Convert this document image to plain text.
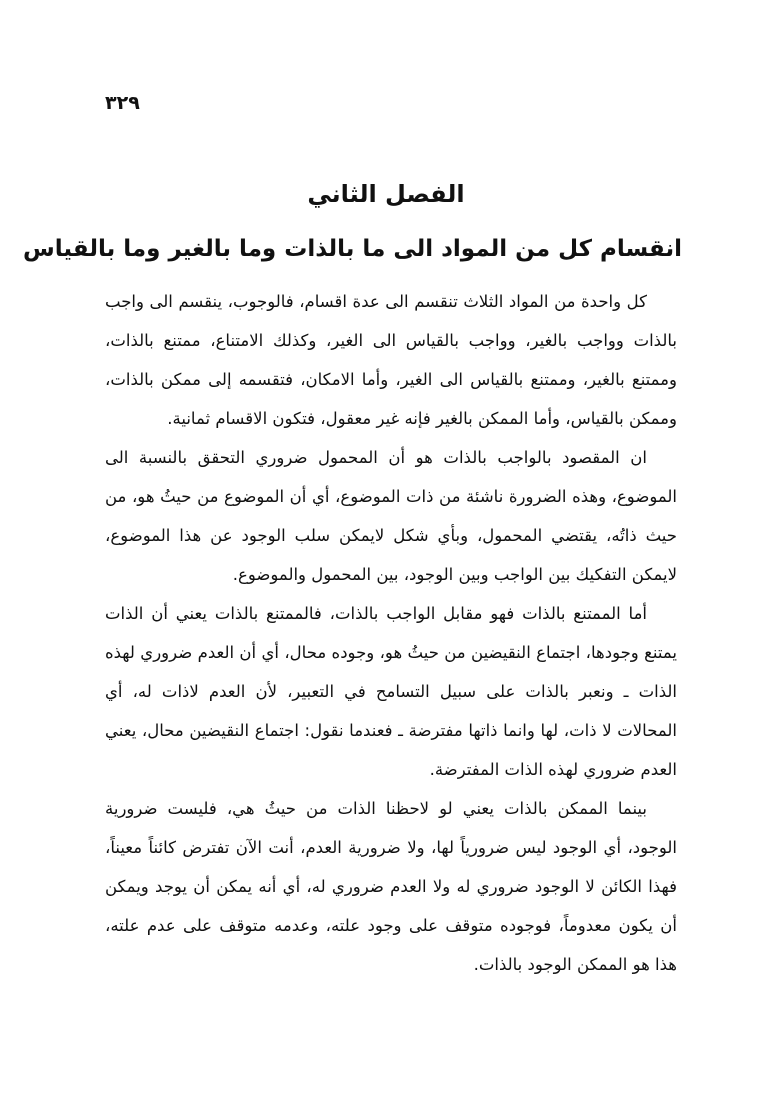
٣٢٩
الفصل الثاني
انقسام كل من المواد الى ما بالذات وما بالغير وما بالقياس

كل واحدة من المواد الثلاث تنقسم الى عدة اقسام، فالوجوب، ينقسم الى واجب بالذات وواجب بالغير، وواجب بالقياس الى الغير، وكذلك الامتناع، ممتنع بالذات، وممتنع بالغير، وممتنع بالقياس الى الغير، وأما الامكان، فتقسمه إلى ممكن بالذات، وممكن بالقياس، وأما الممكن بالغير فإنه غير معقول، فتكون الاقسام ثمانية.

ان المقصود بالواجب بالذات هو أن المحمول ضروري التحقق بالنسبة الى الموضوع، وهذه الضرورة ناشئة من ذات الموضوع، أي أن الموضوع من حيثُ هو، من حيث ذاتُه، يقتضي المحمول، وبأي شكل لايمكن سلب الوجود عن هذا الموضوع، لايمكن التفكيك بين الواجب وبين الوجود، بين المحمول والموضوع.

أما الممتنع بالذات فهو مقابل الواجب بالذات، فالممتنع بالذات يعني أن الذات يمتنع وجودها، اجتماع النقيضين من حيثُ هو، وجوده محال، أي أن العدم ضروري لهذه الذات ـ ونعبر بالذات على سبيل التسامح في التعبير، لأن العدم لاذات له، أي المحالات لا ذات، لها وانما ذاتها مفترضة ـ فعندما نقول: اجتماع النقيضين محال، يعني العدم ضروري لهذه الذات المفترضة.

بينما الممكن بالذات يعني لو لاحظنا الذات من حيثُ هي، فليست ضرورية الوجود، أي الوجود ليس ضرورياً لها، ولا ضرورية العدم، أنت الآن تفترض كائناً معيناً، فهذا الكائن لا الوجود ضروري له ولا العدم ضروري له، أي أنه يمكن أن يوجد ويمكن أن يكون معدوماً، فوجوده متوقف على وجود علته، وعدمه متوقف على عدم علته، هذا هو الممكن الوجود بالذات.
